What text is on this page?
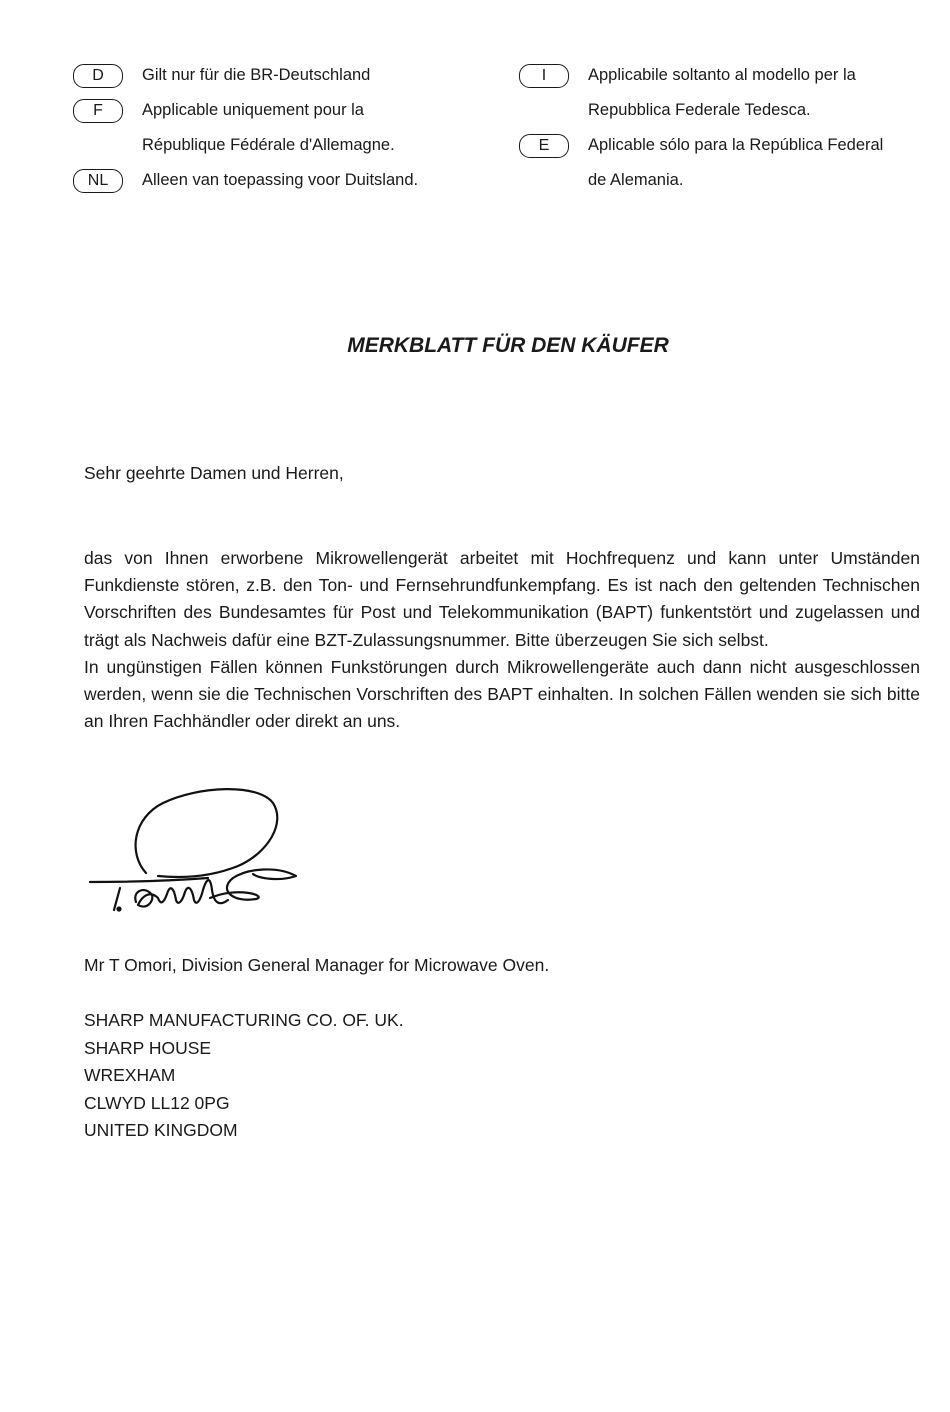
D	Gilt nur für die BR-Deutschland
F	Applicable uniquement pour la
République Fédérale d'Allemagne.
NL	Alleen van toepassing voor Duitsland.
I	Applicabile soltanto al modello per la
Repubblica Federale Tedesca.
E	Aplicable sólo para la República Federal
de Alemania.
MERKBLATT FÜR DEN KÄUFER
Sehr geehrte Damen und Herren,

das von Ihnen erworbene Mikrowellengerät arbeitet mit Hochfrequenz und kann unter Umständen Funkdienste stören, z.B. den Ton- und Fernsehrundfunkempfang. Es ist nach den geltenden Technischen Vorschriften des Bundesamtes für Post und Telekommunikation (BAPT) funkentstört und zugelassen und trägt als Nachweis dafür eine BZT-Zulassungsnummer. Bitte überzeugen Sie sich selbst.

In ungünstigen Fällen können Funkstörungen durch Mikrowellengeräte auch dann nicht ausgeschlossen werden, wenn sie die Technischen Vorschriften des BAPT einhalten. In solchen Fällen wenden sie sich bitte an Ihren Fachhändler oder direkt an uns.

Mr T Omori, Division General Manager for Microwave Oven.
SHARP MANUFACTURING CO. OF. UK.
SHARP HOUSE
WREXHAM
CLWYD LL12 0PG
UNITED KINGDOM
